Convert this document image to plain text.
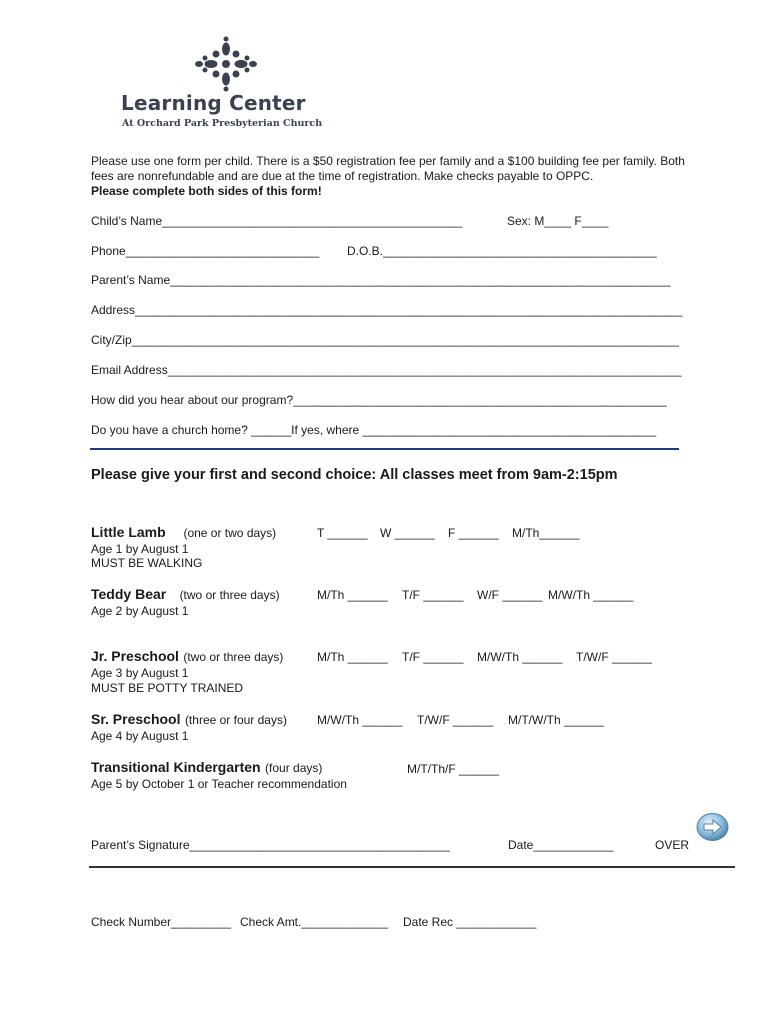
Learning Center
At Orchard Park Presbyterian Church
Please use one form per child. There is a $50 registration fee per family and a $100 building fee per family. Both
fees are nonrefundable and are due at the time of registration. Make checks payable to OPPC.
Please complete both sides of this form!
Child’s Name_____________________________________________	Sex: M____ F____
Phone_____________________________ D.O.B._________________________________________
Parent’s Name___________________________________________________________________________
Address__________________________________________________________________________________
City/Zip__________________________________________________________________________________
Email Address_____________________________________________________________________________
How did you hear about our program?________________________________________________________
Do you have a church home? ______If yes, where ____________________________________________
Please give your first and second choice: All classes meet from 9am-2:15pm
Little Lamb (one or two days)
Age 1 by August 1
MUST BE WALKING
T ______ W ______ F ______ M/Th______
Teddy Bear (two or three days)
Age 2 by August 1
M/Th ______ T/F ______ W/F ______ M/W/Th ______
Jr. Preschool (two or three days)
Age 3 by August 1
MUST BE POTTY TRAINED
M/Th ______ T/F ______ M/W/Th ______ T/W/F ______
Sr. Preschool (three or four days)
Age 4 by August 1
M/W/Th ______ T/W/F ______ M/T/W/Th ______
Transitional Kindergarten (four days)
Age 5 by October 1 or Teacher recommendation
M/T/Th/F ______
Parent’s Signature_______________________________________	Date____________	OVER
Check Number_________ Check Amt._____________ Date Rec ____________
